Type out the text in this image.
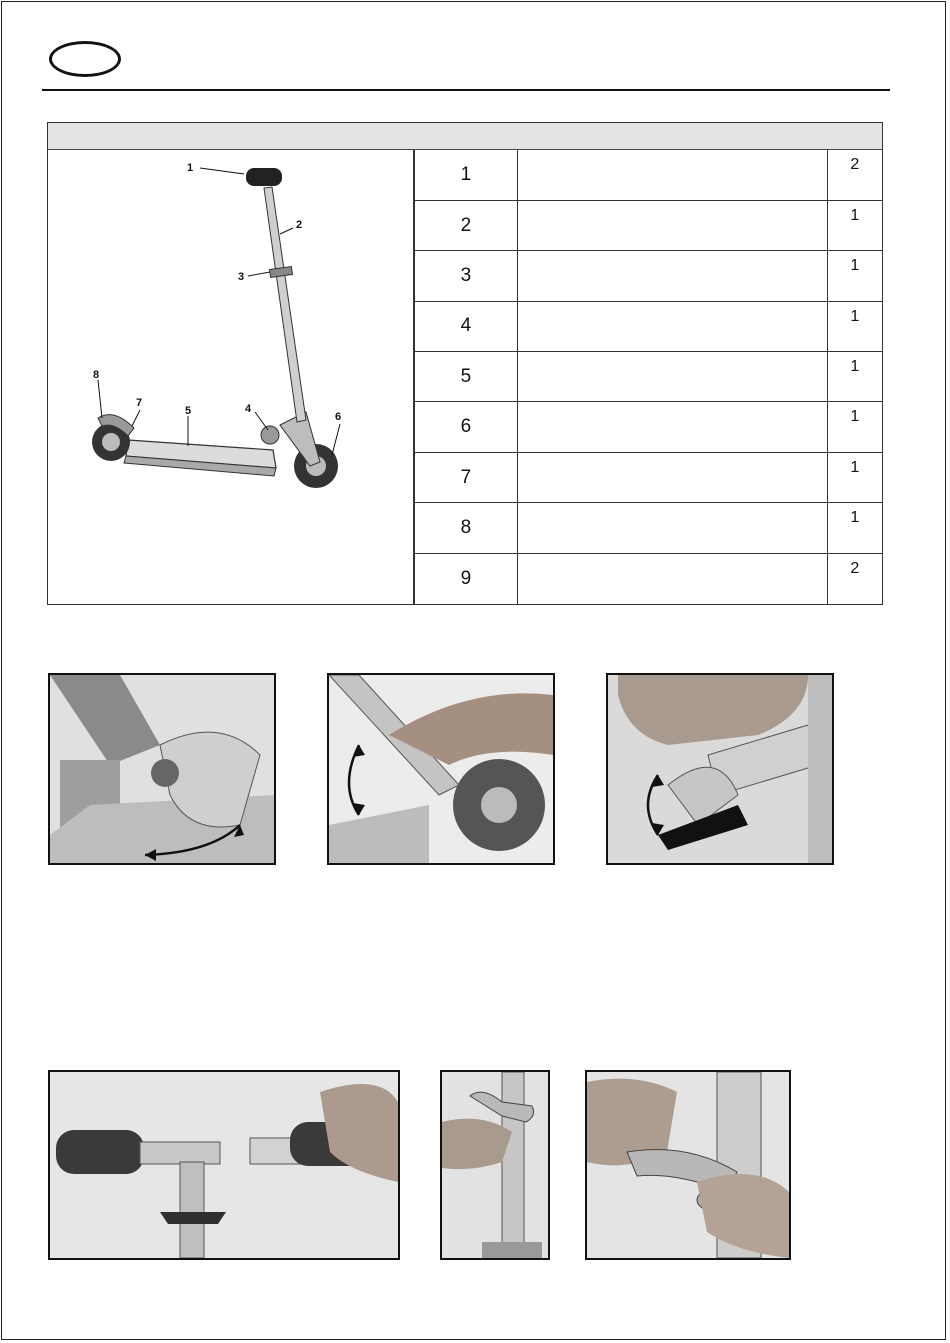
1
2
3
4
5	6
7
8
1		2
2		1
3		1
4		1
5		1
6		1
7		1
8		1
9		2
